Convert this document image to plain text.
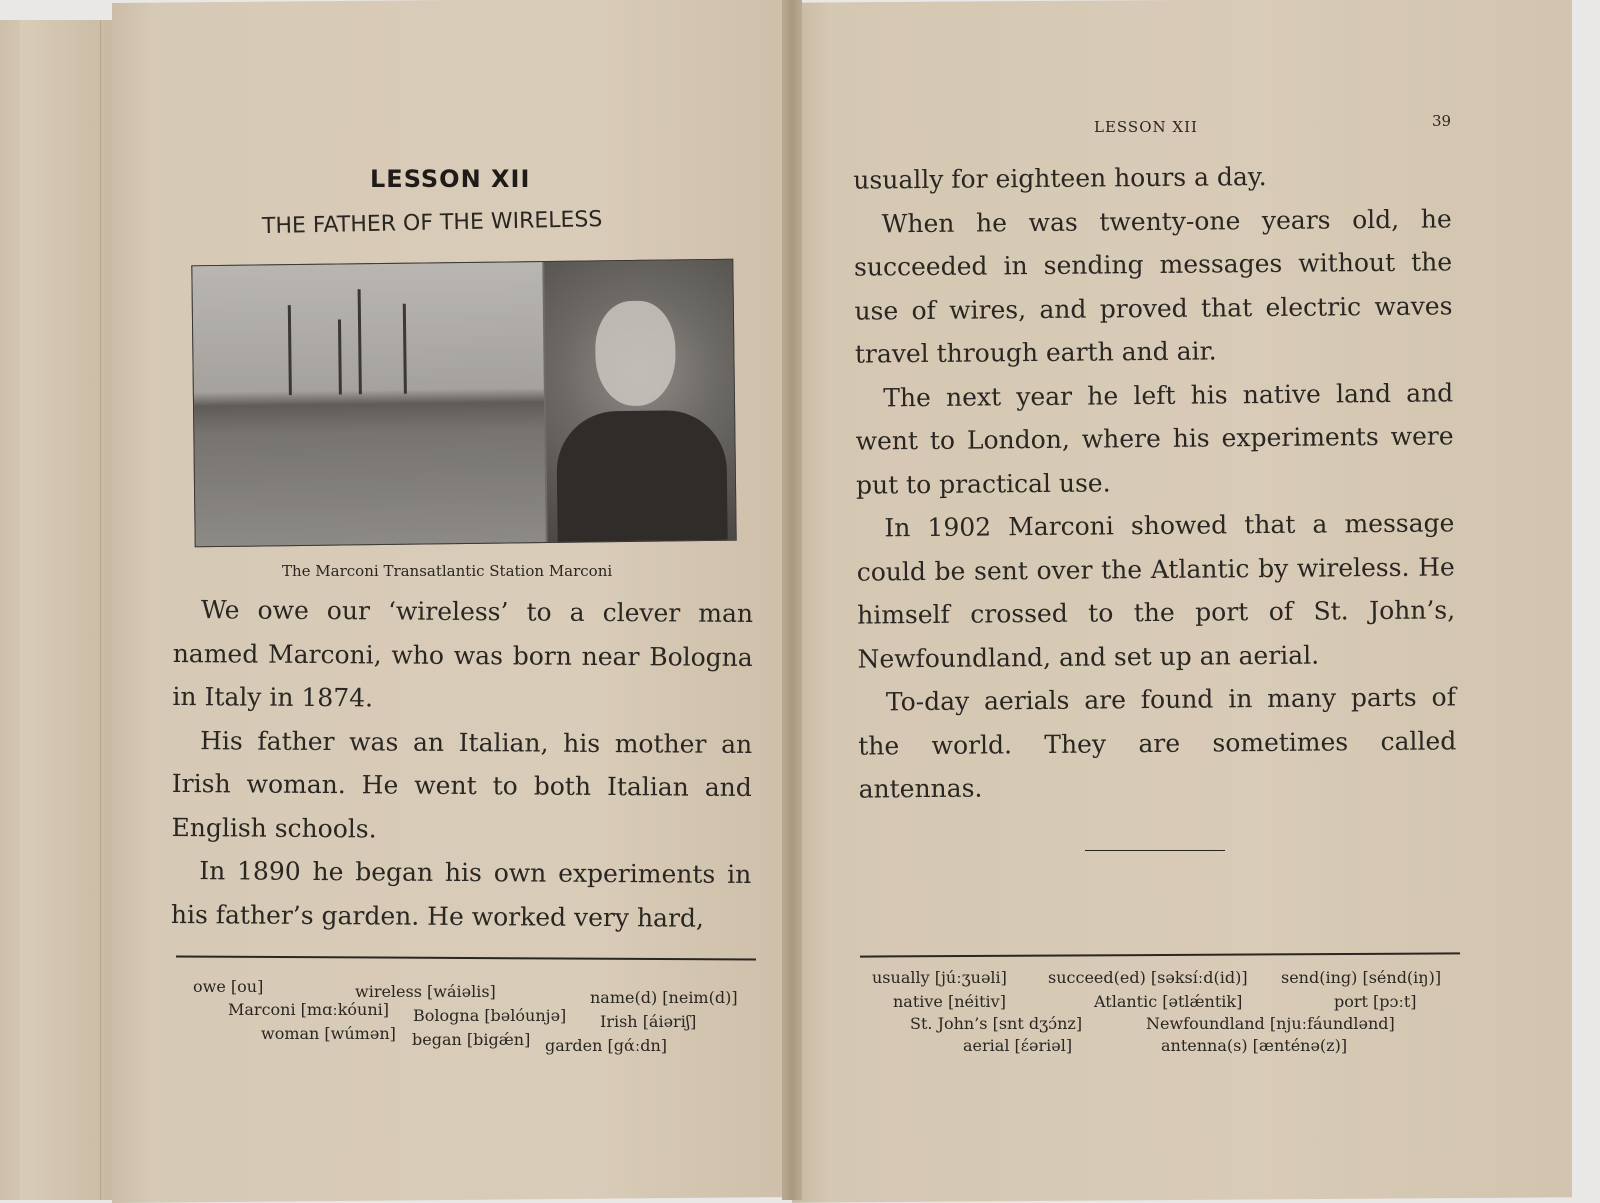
LESSON XII
THE FATHER OF THE WIRELESS
The Marconi Transatlantic Station Marconi

We owe our ‘wireless’ to a clever man named Marconi, who was born near Bologna in Italy in 1874.

His father was an Italian, his mother an Irish woman. He went to both Italian and English schools.

In 1890 he began his own experiments in his father’s garden. He worked very hard,

owe [ou]	wireless [wáiəlis]	name(d) [neim(d)]
Marconi [mɑːkóuni] Bologna [bəlóunjə] Irish [áiəriʃ]
woman [wúmən] began [bigǽn] garden [gάːdn]
LESSON XII	39

usually for eighteen hours a day.

When he was twenty-one years old, he succeeded in sending messages without the use of wires, and proved that electric waves travel through earth and air.

The next year he left his native land and went to London, where his experiments were put to practical use.

In 1902 Marconi showed that a message could be sent over the Atlantic by wireless. He himself crossed to the port of St. John’s, Newfoundland, and set up an aerial.

To-day aerials are found in many parts of the world. They are sometimes called antennas.

usually [júːʒuəli]	succeed(ed) [səksíːd(id)] send(ing) [sénd(iŋ)]
native [néitiv]	Atlantic [ətlǽntik]	port [pɔːt]
St. John’s [snt dʒɔ́nz]	Newfoundland [njuːfáundlənd]
aerial [ɛ́əriəl]	antenna(s) [ænténə(z)]
